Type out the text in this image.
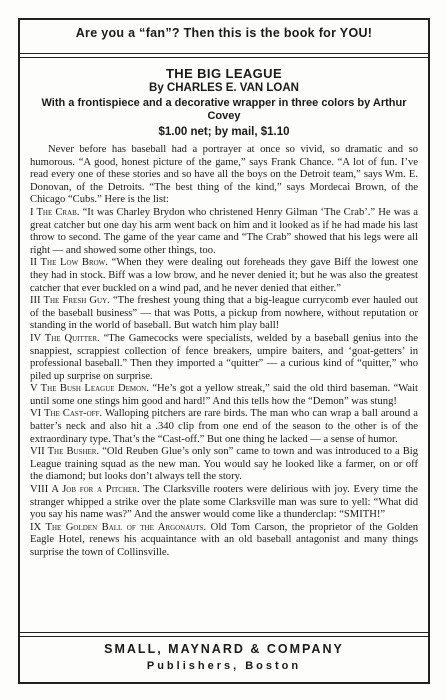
Are you a “fan”? Then this is the book for YOU!
THE BIG LEAGUE
By CHARLES E. VAN LOAN
With a frontispiece and a decorative wrapper in three colors by Arthur Covey
$1.00 net; by mail, $1.10

Never before has baseball had a portrayer at once so vivid, so dramatic and so humorous. “A good, honest picture of the game,” says Frank Chance. “A lot of fun. I’ve read every one of these stories and so have all the boys on the Detroit team,” says Wm. E. Donovan, of the Detroits. “The best thing of the kind,” says Mordecai Brown, of the Chicago “Cubs.” Here is the list:

I The Crab. “It was Charley Brydon who christened Henry Gilman ‘The Crab’.” He was a great catcher but one day his arm went back on him and it looked as if he had made his last throw to second. The game of the year came and “The Crab” showed that his legs were all right — and showed some other things, too.

II The Low Brow. “When they were dealing out foreheads they gave Biff the lowest one they had in stock. Biff was a low brow, and he never denied it; but he was also the greatest catcher that ever buckled on a wind pad, and he never denied that either.”

III The Fresh Guy. “The freshest young thing that a big-league currycomb ever hauled out of the baseball business” — that was Potts, a pickup from nowhere, without reputation or standing in the world of baseball. But watch him play ball!

IV The Quitter. “The Gamecocks were specialists, welded by a baseball genius into the snappiest, scrappiest collection of fence breakers, umpire baiters, and ‘goat-getters’ in professional baseball.” Then they imported a “quitter” — a curious kind of “quitter,” who piled up surprise on surprise.

V The Bush League Demon. “He’s got a yellow streak,” said the old third baseman. “Wait until some one stings him good and hard!” And this tells how the “Demon” was stung!

VI The Cast-off. Walloping pitchers are rare birds. The man who can wrap a ball around a batter’s neck and also hit a .340 clip from one end of the season to the other is of the extraordinary type. That’s the “Cast-off.” But one thing he lacked — a sense of humor.

VII The Busher. “Old Reuben Glue’s only son” came to town and was introduced to a Big League training squad as the new man. You would say he looked like a farmer, on or off the diamond; but looks don’t always tell the story.

VIII A Job for a Pitcher. The Clarksville rooters were delirious with joy. Every time the stranger whipped a strike over the plate some Clarksville man was sure to yell: “What did you say his name was?” And the answer would come like a thunderclap: “SMITH!”

IX The Golden Ball of the Argonauts. Old Tom Carson, the proprietor of the Golden Eagle Hotel, renews his acquaintance with an old baseball antagonist and many things surprise the town of Collinsville.

SMALL, MAYNARD & COMPANY
Publishers, Boston
